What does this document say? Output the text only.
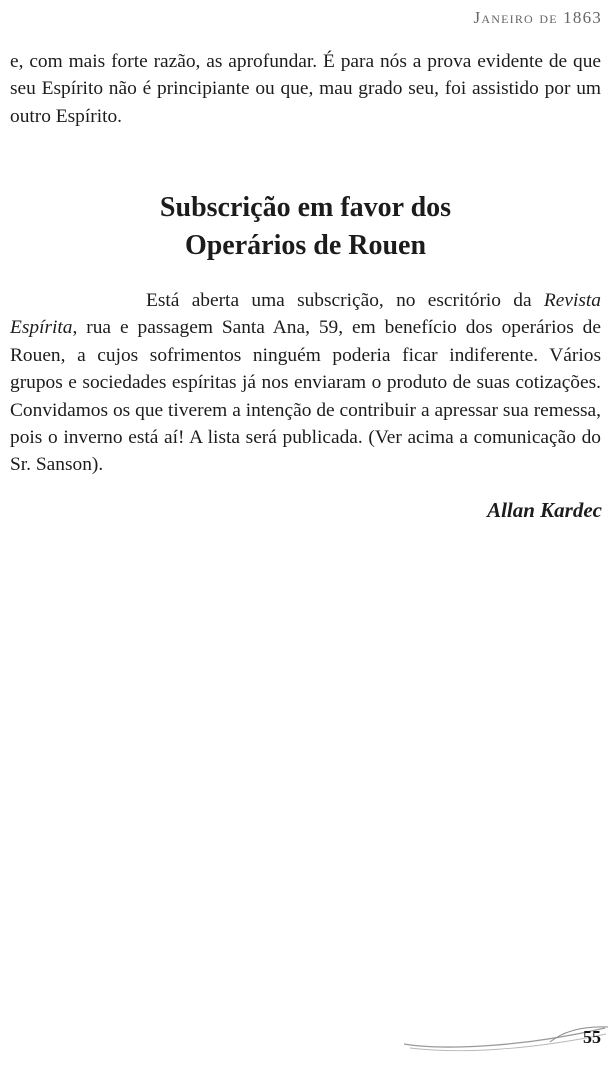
Janeiro de 1863

e, com mais forte razão, as aprofundar. É para nós a prova evidente de que seu Espírito não é principiante ou que, mau grado seu, foi assistido por um outro Espírito.

Subscrição em favor dos
Operários de Rouen

Está aberta uma subscrição, no escritório da Revista Espírita, rua e passagem Santa Ana, 59, em benefício dos operários de Rouen, a cujos sofrimentos ninguém poderia ficar indiferente. Vários grupos e sociedades espíritas já nos enviaram o produto de suas cotizações. Convidamos os que tiverem a intenção de contribuir a apressar sua remessa, pois o inverno está aí! A lista será publicada. (Ver acima a comunicação do Sr. Sanson).

Allan Kardec
55
